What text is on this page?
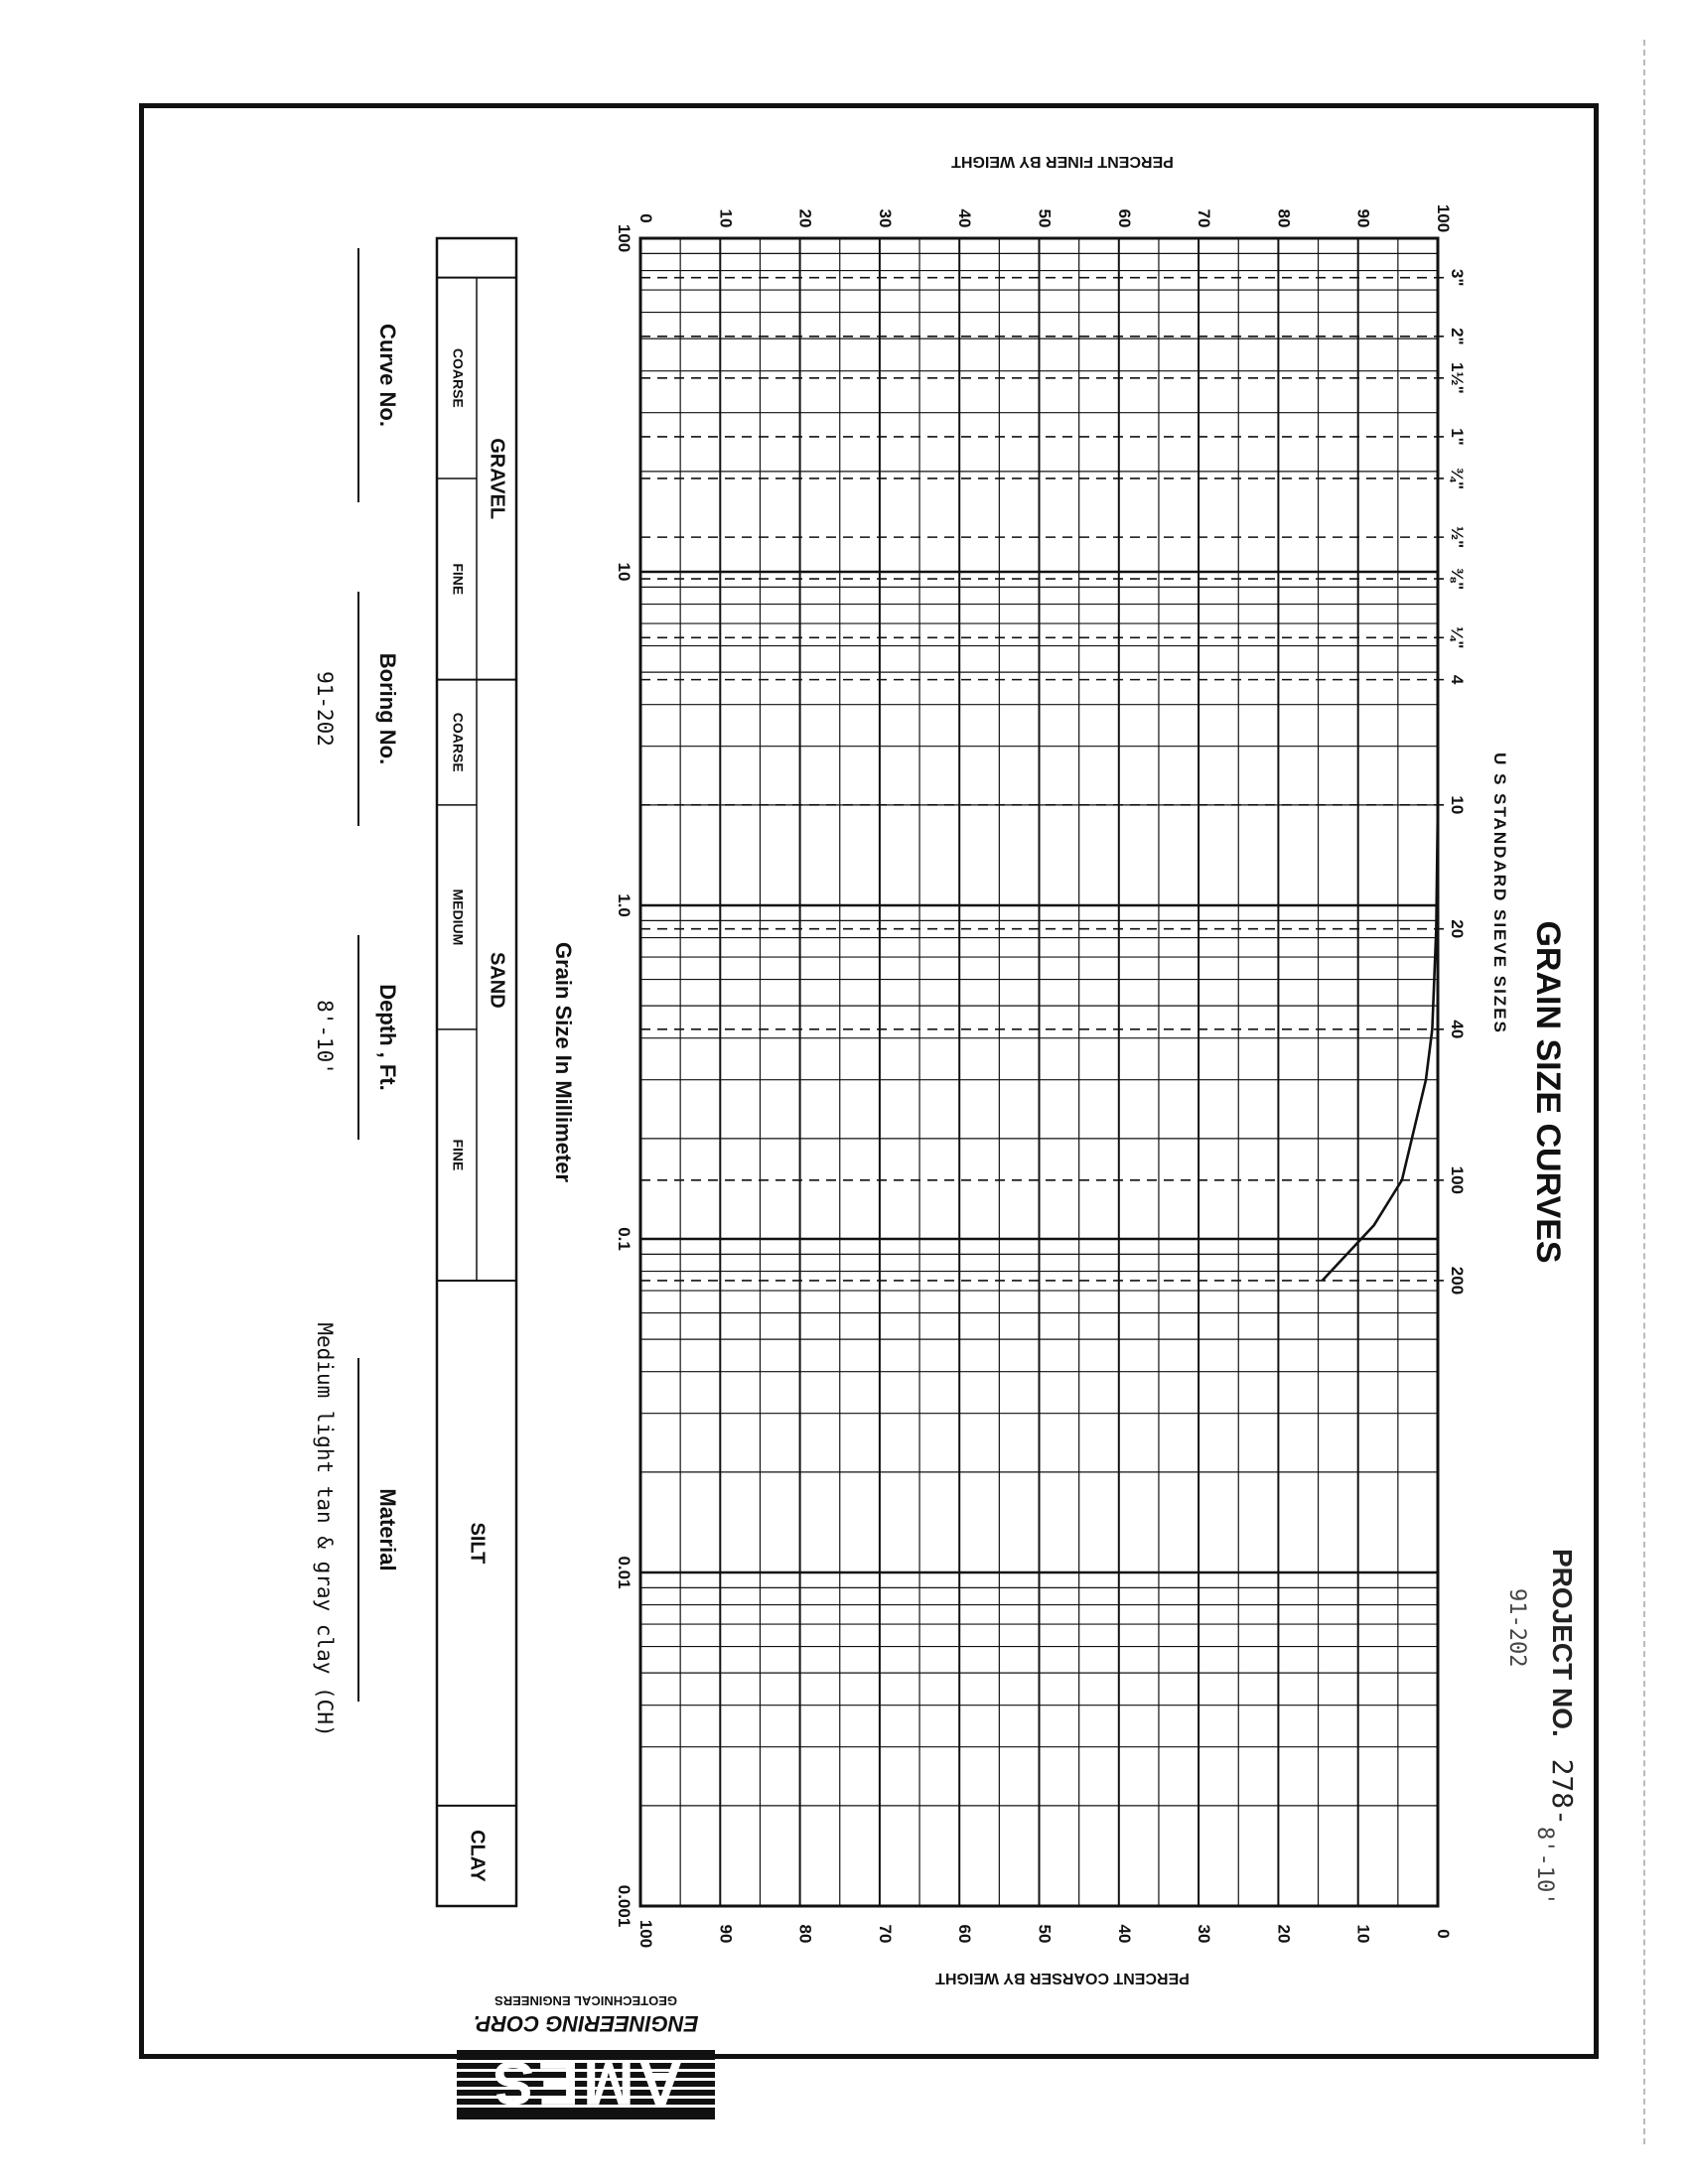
3"
2"
1½"
1"
¾"
½"
⅜"
¼"
4
10
20
40
100
200
100
10
1.0
0.1
0.01
0.001
0	10	20	30	40	50	60	70	80	90	100
100	90	80	70	60	50	40	30	20	10	0
GRAVEL
COARSE
FINE
SAND
COARSE
MEDIUM
FINE
SILT
CLAY
Curve No.
Boring No.
91-202
Depth , Ft.
8'-10'
Material
Medium light tan & gray clay (CH)
AMES
ENGINEERING CORP.
GEOTECHNICAL ENGINEERS
GRAIN SIZE CURVES
U S STANDARD SIEVE SIZES
PERCENT FINER BY WEIGHT
PERCENT COARSER BY WEIGHT
Grain Size In Millimeter
PROJECT NO. 278-
91-202
8'-10'
